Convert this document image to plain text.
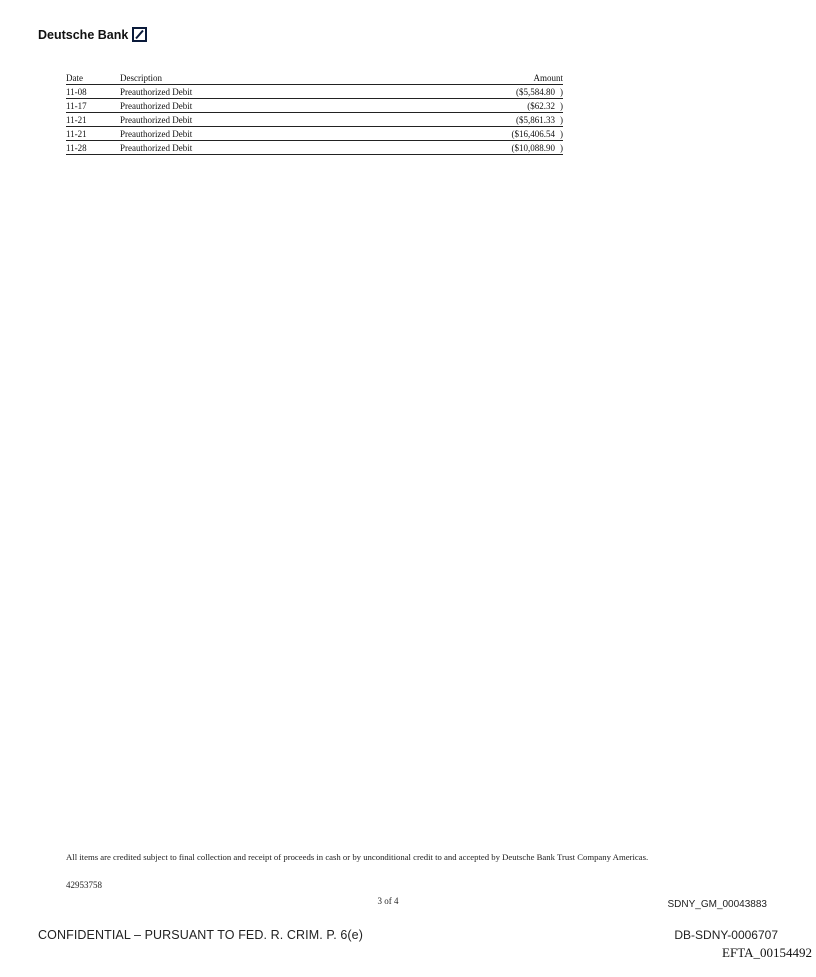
Deutsche Bank
Date	Description	Amount
11-08	Preauthorized Debit	($5,584.80 )
11-17	Preauthorized Debit	($62.32 )
11-21	Preauthorized Debit	($5,861.33 )
11-21	Preauthorized Debit	($16,406.54 )
11-28	Preauthorized Debit	($10,088.90 )
All items are credited subject to final collection and receipt of proceeds in cash or by unconditional credit to and accepted by Deutsche Bank Trust Company Americas.
42953758
3 of 4	SDNY_GM_00043883
CONFIDENTIAL – PURSUANT TO FED. R. CRIM. P. 6(e)	DB-SDNY-0006707
EFTA_00154492
